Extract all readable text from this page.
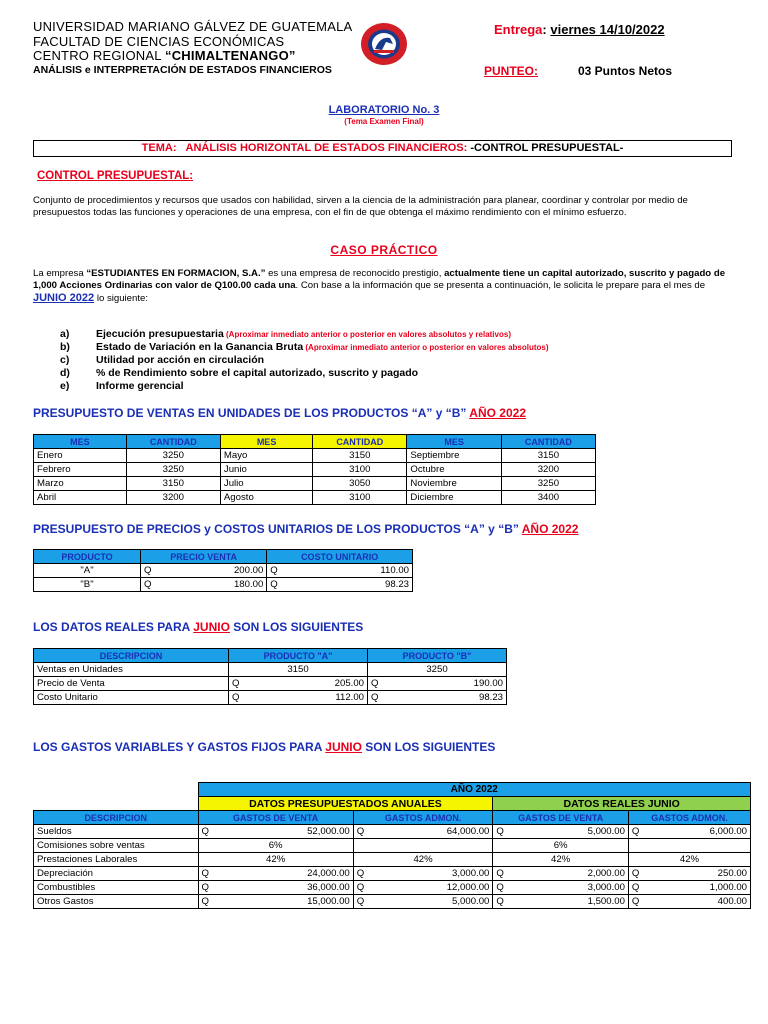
UNIVERSIDAD MARIANO GÁLVEZ DE GUATEMALA
FACULTAD DE CIENCIAS ECONÓMICAS
CENTRO REGIONAL “CHIMALTENANGO”
ANÁLISIS e INTERPRETACIÓN DE ESTADOS FINANCIEROS
Entrega: viernes 14/10/2022
PUNTEO:	03 Puntos Netos
LABORATORIO No. 3
(Tema Examen Final)
TEMA: ANÁLISIS HORIZONTAL DE ESTADOS FINANCIEROS: -CONTROL PRESUPUESTAL-
CONTROL PRESUPUESTAL:
Conjunto de procedimientos y recursos que usados con habilidad, sirven a la ciencia de la administración para planear, coordinar y controlar por medio de presupuestos todas las funciones y operaciones de una empresa, con el fin de que obtenga el máximo rendimiento con el mínimo esfuerzo.
CASO PRÁCTICO
La empresa “ESTUDIANTES EN FORMACION, S.A.” es una empresa de reconocido prestigio, actualmente tiene un capital autorizado, suscrito y pagado de 1,000 Acciones Ordinarias con valor de Q100.00 cada una. Con base a la información que se presenta a continuación, le solicita le prepare para el mes de JUNIO 2022 lo siguiente:
a)	Ejecución presupuestaria (Aproximar inmediato anterior o posterior en valores absolutos y relativos)
b) Estado de Variación en la Ganancia Bruta (Aproximar inmediato anterior o posterior en valores absolutos)
c)	Utilidad por acción en circulación
d) % de Rendimiento sobre el capital autorizado, suscrito y pagado
e)	Informe gerencial
PRESUPUESTO DE VENTAS EN UNIDADES DE LOS PRODUCTOS “A” y “B” AÑO 2022
MES	CANTIDAD	MES	CANTIDAD	MES	CANTIDAD
Enero	3250	Mayo	3150	Septiembre	3150
Febrero	3250	Junio	3100	Octubre	3200
Marzo	3150	Julio	3050	Noviembre	3250
Abril	3200	Agosto	3100	Diciembre	3400
PRESUPUESTO DE PRECIOS y COSTOS UNITARIOS DE LOS PRODUCTOS “A” y “B” AÑO 2022
PRODUCTO	PRECIO VENTA		COSTO UNITARIO	
"A"	Q	200.00	Q	110.00
"B"	Q	180.00	Q	98.23
LOS DATOS REALES PARA JUNIO SON LOS SIGUIENTES
DESCRIPCION	PRODUCTO "A"		PRODUCTO "B"	
Ventas en Unidades	3150		3250	
Precio de Venta	Q	205.00	Q	190.00
Costo Unitario	Q	112.00	Q	98.23
LOS GASTOS VARIABLES Y GASTOS FIJOS PARA JUNIO SON LOS SIGUIENTES
	AÑO 2022							
	DATOS PRESUPUESTADOS ANUALES				DATOS REALES JUNIO			
DESCRIPCION	GASTOS DE VENTA		GASTOS ADMON.		GASTOS DE VENTA		GASTOS ADMON.	
Sueldos	Q	52,000.00	Q	64,000.00	Q	5,000.00	Q	6,000.00
Comisiones sobre ventas	6%				6%			
Prestaciones Laborales	42%		42%		42%		42%	
Depreciación	Q	24,000.00	Q	3,000.00	Q	2,000.00	Q	250.00
Combustibles	Q	36,000.00	Q	12,000.00	Q	3,000.00	Q	1,000.00
Otros Gastos	Q	15,000.00	Q	5,000.00	Q	1,500.00	Q	400.00
